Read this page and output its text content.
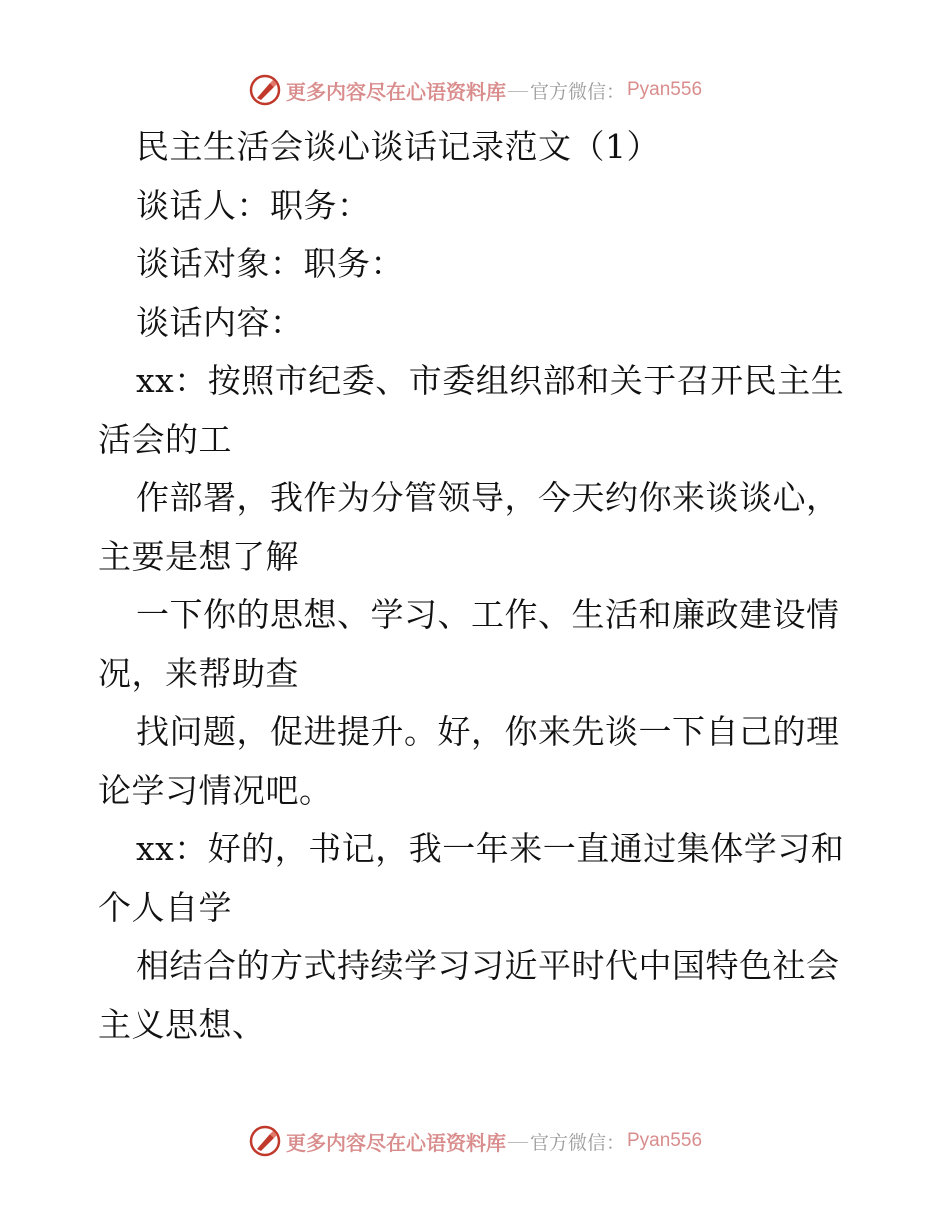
更多内容尽在心语资料库 — 官方微信： Pyan556
民主生活会谈心谈话记录范文（1）
谈话人：职务：
谈话对象：职务：
谈话内容：
xx：按照市纪委、市委组织部和关于召开民主生
活会的工
作部署，我作为分管领导，今天约你来谈谈心，
主要是想了解
一下你的思想、学习、工作、生活和廉政建设情
况，来帮助查
找问题，促进提升。好，你来先谈一下自己的理
论学习情况吧。
xx：好的，书记，我一年来一直通过集体学习和
个人自学
相结合的方式持续学习习近平时代中国特色社会
主义思想、
更多内容尽在心语资料库 — 官方微信： Pyan556
